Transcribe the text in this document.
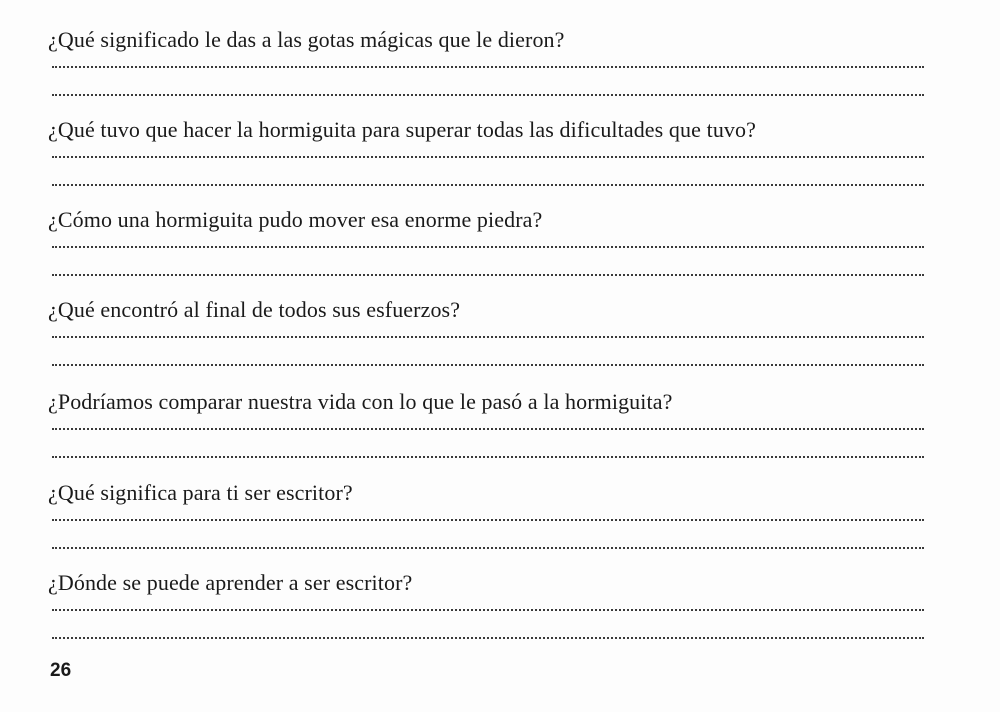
¿Qué significado le das a las gotas mágicas que le dieron?
¿Qué tuvo que hacer la hormiguita para superar todas las dificultades que tuvo?
¿Cómo una hormiguita pudo mover esa enorme piedra?
¿Qué encontró al final de todos sus esfuerzos?
¿Podríamos comparar nuestra vida con lo que le pasó a la hormiguita?
¿Qué significa para ti ser escritor?
¿Dónde se puede aprender a ser escritor?
26
